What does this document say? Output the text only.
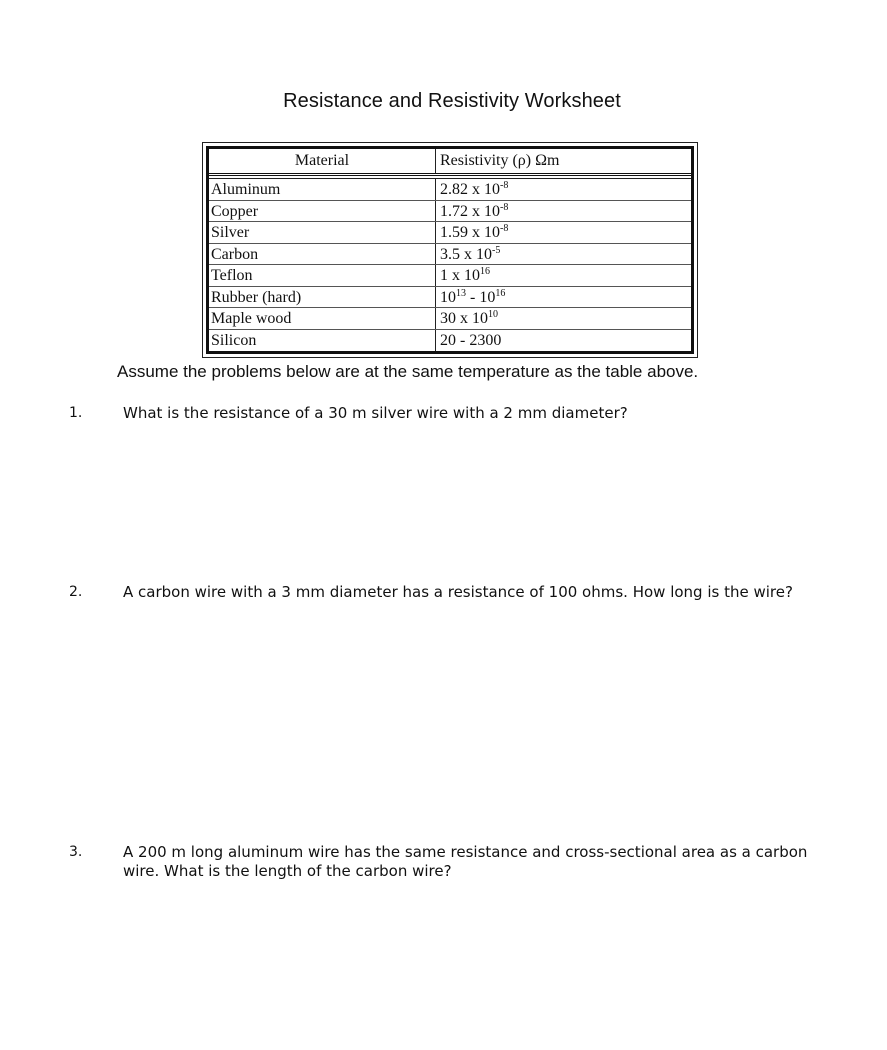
Resistance and Resistivity Worksheet
Material	Resistivity (ρ) Ωm
Aluminum	2.82 x $10^{-8}$
Copper	1.72 x $10^{-8}$
Silver	1.59 x $10^{-8}$
Carbon	3.5 x $10^{-5}$
Teflon	1 x $10^{16}$
Rubber (hard)	$10^{13} - 10^{16}$
Maple wood	30 x $10^{10}$
Silicon	20 - 2300
Assume the problems below are at the same temperature as the table above.
1.	What is the resistance of a 30 m silver wire with a 2 mm diameter?
2.	A carbon wire with a 3 mm diameter has a resistance of 100 ohms. How long is the wire?
3.	A 200 m long aluminum wire has the same resistance and cross-sectional area as a carbon wire. What is the length of the carbon wire?
